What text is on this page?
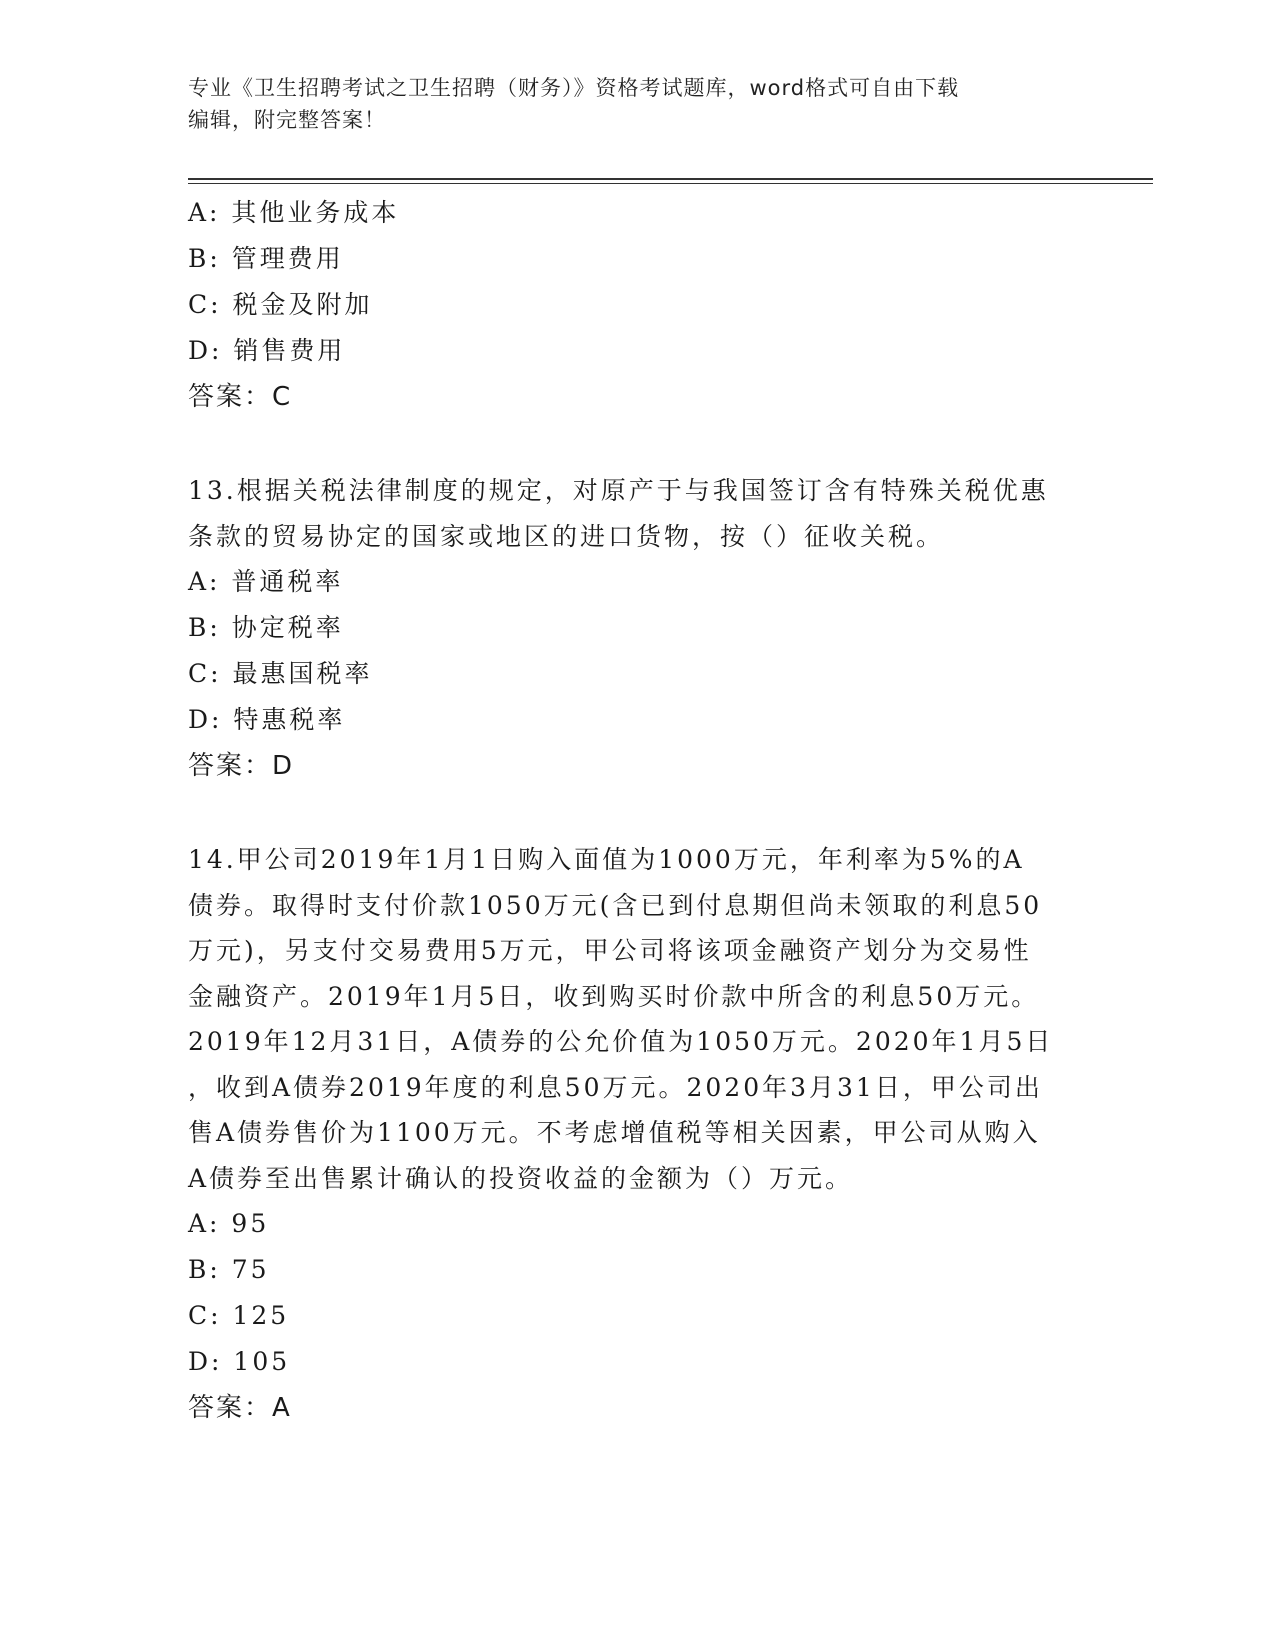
专业《卫生招聘考试之卫生招聘（财务）》资格考试题库，word格式可自由下载
编辑，附完整答案！
A: 其他业务成本
B: 管理费用
C: 税金及附加
D: 销售费用
答案：C
13.根据关税法律制度的规定，对原产于与我国签订含有特殊关税优惠
条款的贸易协定的国家或地区的进口货物，按（）征收关税。
A: 普通税率
B: 协定税率
C: 最惠国税率
D: 特惠税率
答案：D
14.甲公司2019年1月1日购入面值为1000万元，年利率为5%的A
债券。取得时支付价款1050万元(含已到付息期但尚未领取的利息50
万元)，另支付交易费用5万元，甲公司将该项金融资产划分为交易性
金融资产。2019年1月5日，收到购买时价款中所含的利息50万元。
2019年12月31日，A债券的公允价值为1050万元。2020年1月5日
，收到A债券2019年度的利息50万元。2020年3月31日，甲公司出
售A债券售价为1100万元。不考虑增值税等相关因素，甲公司从购入
A债券至出售累计确认的投资收益的金额为（）万元。
A: 95
B: 75
C: 125
D: 105
答案：A
